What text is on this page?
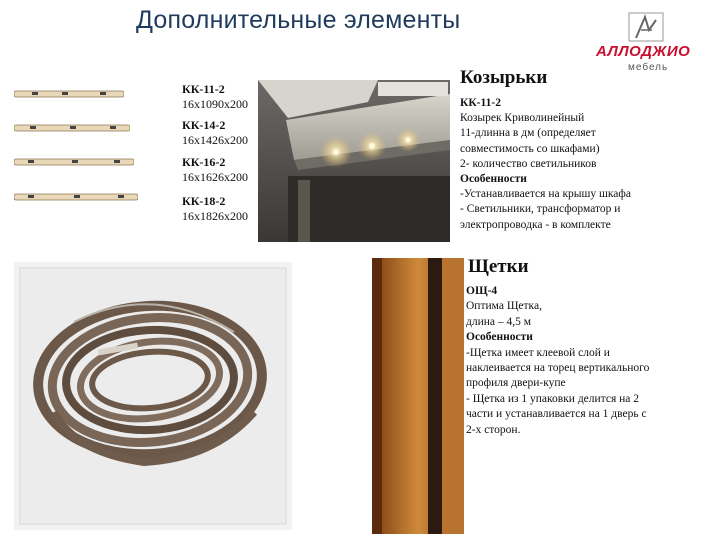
Дополнительные элементы
АЛЛОДЖИО
мебель
КК-11-2
16х1090х200
КК-14-2
16х1426х200
КК-16-2
16х1626х200
КК-18-2
16х1826х200
Козырьки
КК-11-2
Козырек Криволинейный
11-длинна в дм (определяет
совместимость со шкафами)
2- количество светильников
Особенности
-Устанавливается на крышу шкафа
- Светильники, трансформатор и
электропроводка - в комплекте
Щетки
ОЩ-4
Оптима Щетка,
длина – 4,5 м
Особенности
-Щетка имеет клеевой слой и
наклеивается на торец вертикального
профиля двери-купе
- Щетка из 1 упаковки делится на 2
части и устанавливается на 1 дверь с
2-х сторон.
